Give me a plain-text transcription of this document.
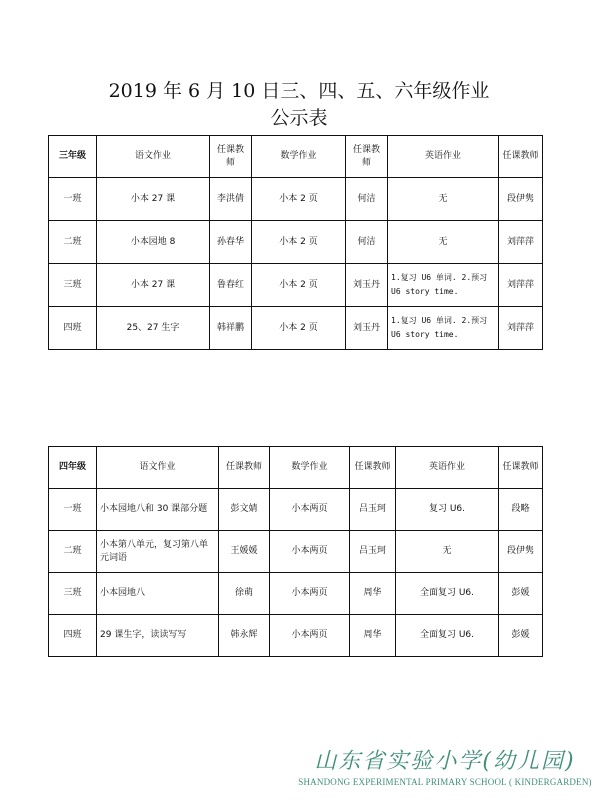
2019 年 6 月 10 日三、四、五、六年级作业
公示表
三年级	语文作业	任课教师	数学作业	任课教师	英语作业	任课教师
一班	小本 27 课	李洪倩	小本 2 页	何洁	无	段伊隽
二班	小本园地 8	孙春华	小本 2 页	何洁	无	刘萍萍
三班	小本 27 课	鲁春红	小本 2 页	刘玉丹	1.复习 U6 单词. 2.预习 U6 story time.	刘萍萍
四班	25、27 生字	韩祥鹏	小本 2 页	刘玉丹	1.复习 U6 单词. 2.预习 U6 story time.	刘萍萍
四年级	语文作业	任课教师	数学作业	任课教师	英语作业	任课教师
一班	小本园地八和 30 课部分题	彭文婧	小本两页	吕玉珂	复习 U6.	段略
二班	小本第八单元，复习第八单元词语	王媛媛	小本两页	吕玉珂	无	段伊隽
三班	小本园地八	徐萌	小本两页	周华	全面复习 U6.	彭媛
四班	29 课生字，读读写写	韩永辉	小本两页	周华	全面复习 U6.	彭媛
山东省实验小学(幼儿园)
SHANDONG EXPERIMENTAL PRIMARY SCHOOL ( KINDERGARDEN)
